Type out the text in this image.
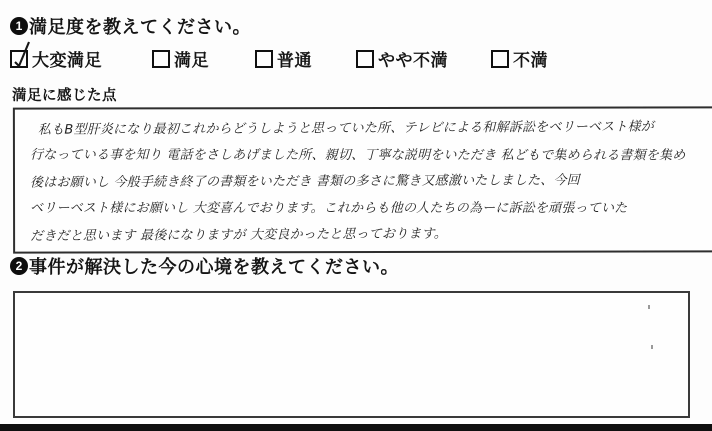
1 満足度を教えてください。
大変満足	満足	普通	やや不満	不満
満足に感じた点
私もB型肝炎になり最初これからどうしようと思っていた所、テレビによる和解訴訟をベリーベスト様が
行なっている事を知り 電話をさしあげました所、親切、丁寧な説明をいただき 私どもで集められる書類を集め
後はお願いし 今般手続き終了の書類をいただき 書類の多さに驚き又感激いたしました、今回
ベリーベスト様にお願いし 大変喜んでおります。これからも他の人たちの為ーに訴訟を頑張っていた
だきだと思います 最後になりますが 大変良かったと思っております。
2 事件が解決した今の心境を教えてください。
